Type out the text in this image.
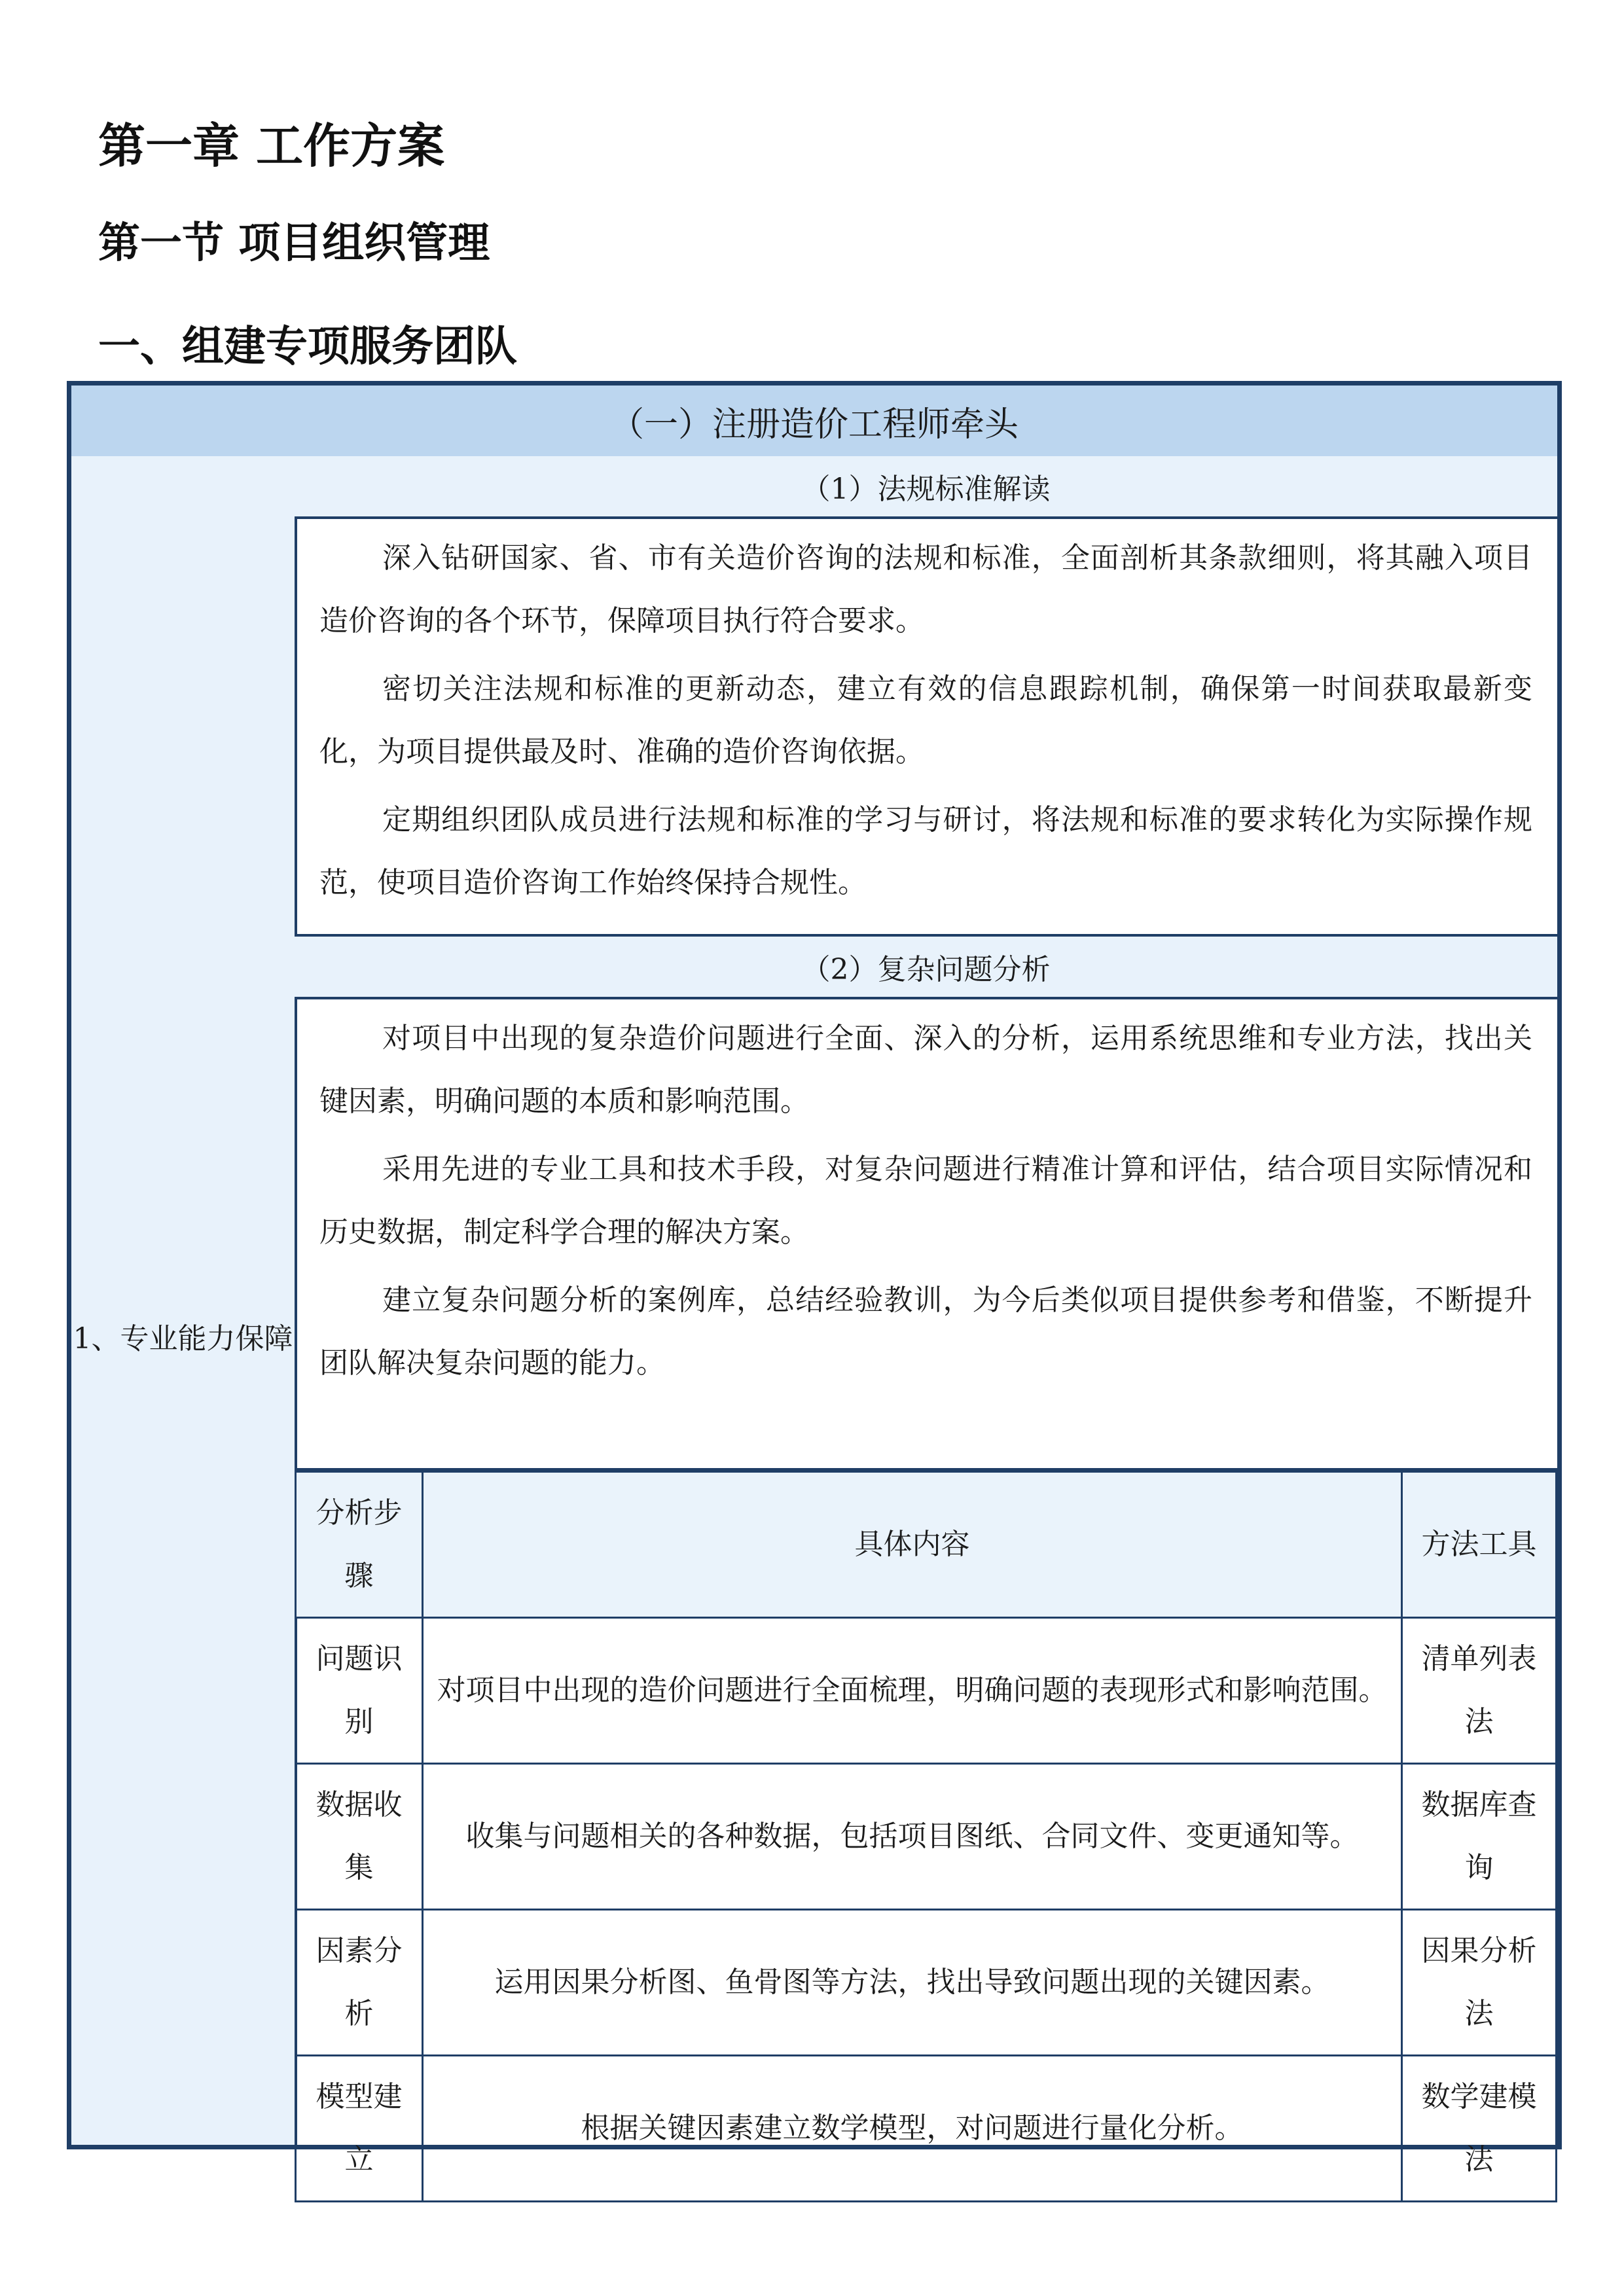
第一章 工作方案
第一节 项目组织管理
一、组建专项服务团队
（一）注册造价工程师牵头
1、专业能力保障
（1）法规标准解读

深入钻研国家、省、市有关造价咨询的法规和标准，全面剖析其条款细则，将其融入项目造价咨询的各个环节，保障项目执行符合要求。

密切关注法规和标准的更新动态，建立有效的信息跟踪机制，确保第一时间获取最新变化，为项目提供最及时、准确的造价咨询依据。

定期组织团队成员进行法规和标准的学习与研讨，将法规和标准的要求转化为实际操作规范，使项目造价咨询工作始终保持合规性。

（2）复杂问题分析

对项目中出现的复杂造价问题进行全面、深入的分析，运用系统思维和专业方法，找出关键因素，明确问题的本质和影响范围。

采用先进的专业工具和技术手段，对复杂问题进行精准计算和评估，结合项目实际情况和历史数据，制定科学合理的解决方案。

建立复杂问题分析的案例库，总结经验教训，为今后类似项目提供参考和借鉴，不断提升团队解决复杂问题的能力。

分析步骤	具体内容	方法工具
问题识别	对项目中出现的造价问题进行全面梳理，明确问题的表现形式和影响范围。	清单列表法
数据收集	收集与问题相关的各种数据，包括项目图纸、合同文件、变更通知等。	数据库查询
因素分析	运用因果分析图、鱼骨图等方法，找出导致问题出现的关键因素。	因果分析法
模型建立	根据关键因素建立数学模型，对问题进行量化分析。	数学建模法
